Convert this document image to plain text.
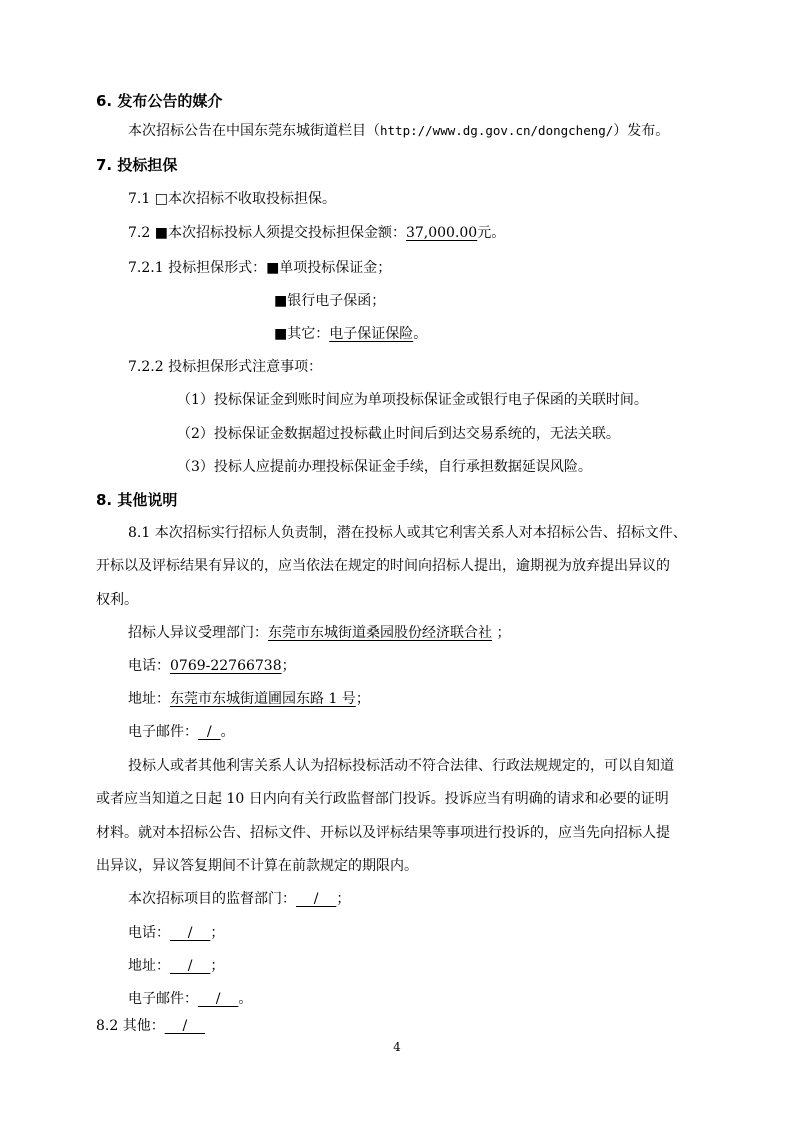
6. 发布公告的媒介
本次招标公告在中国东莞东城街道栏目（http://www.dg.gov.cn/dongcheng/）发布。
7. 投标担保
7.1 □本次招标不收取投标担保。
7.2 ■本次招标投标人须提交投标担保金额：37,000.00元。
7.2.1 投标担保形式：■单项投标保证金；
■银行电子保函；
■其它：电子保证保险。
7.2.2 投标担保形式注意事项：
（1）投标保证金到账时间应为单项投标保证金或银行电子保函的关联时间。
（2）投标保证金数据超过投标截止时间后到达交易系统的，无法关联。
（3）投标人应提前办理投标保证金手续，自行承担数据延误风险。
8. 其他说明
8.1 本次招标实行招标人负责制，潜在投标人或其它利害关系人对本招标公告、招标文件、
开标以及评标结果有异议的，应当依法在规定的时间向招标人提出，逾期视为放弃提出异议的
权利。
招标人异议受理部门：东莞市东城街道桑园股份经济联合社 ；
电话：0769-22766738；
地址：东莞市东城街道圃园东路 1 号；
电子邮件：  /  。
投标人或者其他利害关系人认为招标投标活动不符合法律、行政法规规定的，可以自知道
或者应当知道之日起 10 日内向有关行政监督部门投诉。投诉应当有明确的请求和必要的证明
材料。就对本招标公告、招标文件、开标以及评标结果等事项进行投诉的，应当先向招标人提
出异议，异议答复期间不计算在前款规定的期限内。
本次招标项目的监督部门：    /    ；
电话：    /    ；
地址：    /    ；
电子邮件：    /    。
8.2 其他：    /
4
